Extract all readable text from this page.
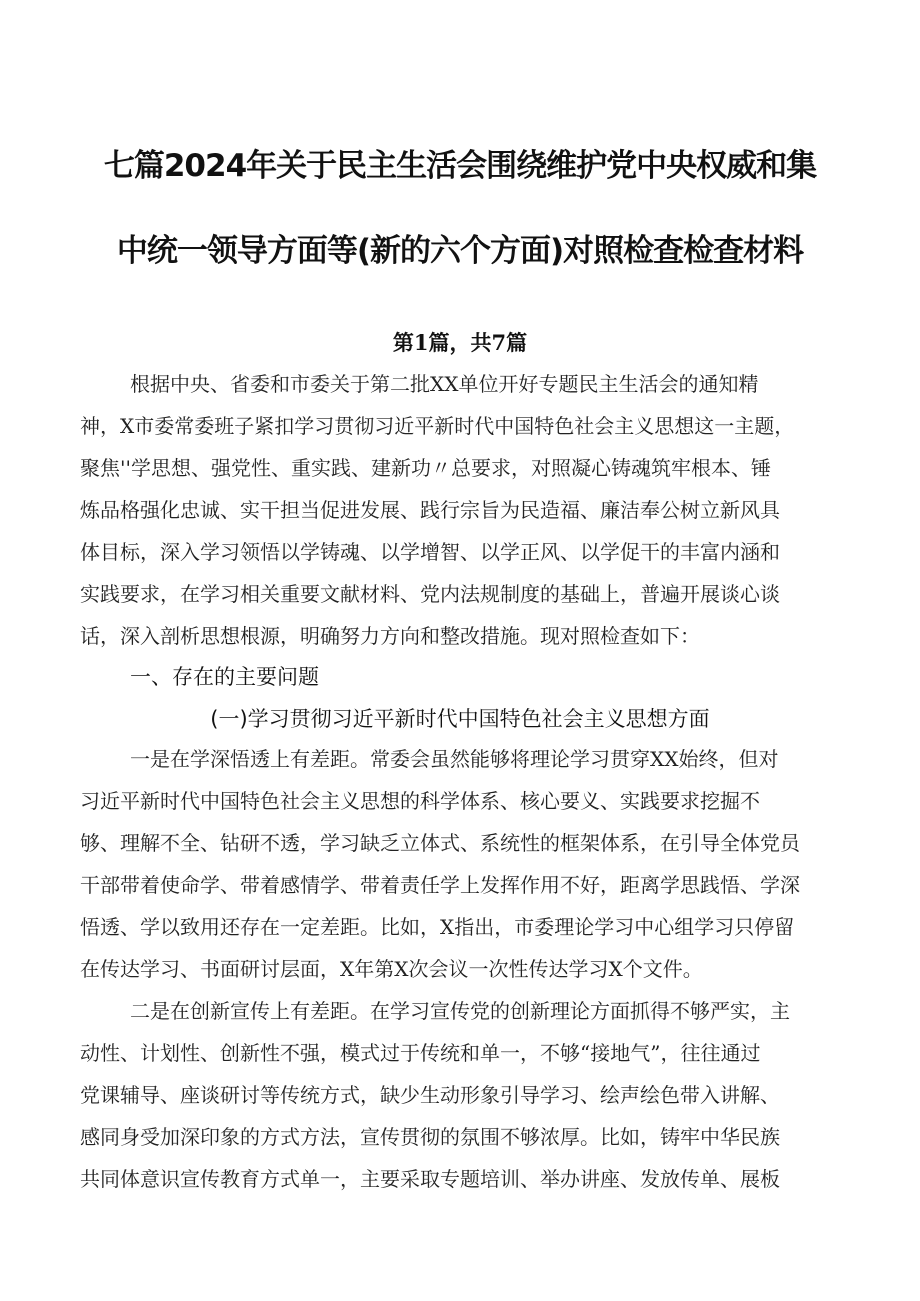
七篇2024年关于民主生活会围绕维护党中央权威和集
中统一领导方面等(新的六个方面)对照检查检查材料
第1篇，共7篇
根据中央、省委和市委关于第二批XX单位开好专题民主生活会的通知精
神，X市委常委班子紧扣学习贯彻习近平新时代中国特色社会主义思想这一主题，
聚焦''学思想、强党性、重实践、建新功〃总要求，对照凝心铸魂筑牢根本、锤
炼品格强化忠诚、实干担当促进发展、践行宗旨为民造福、廉洁奉公树立新风具
体目标，深入学习领悟以学铸魂、以学增智、以学正风、以学促干的丰富内涵和
实践要求，在学习相关重要文献材料、党内法规制度的基础上，普遍开展谈心谈
话，深入剖析思想根源，明确努力方向和整改措施。现对照检查如下：
一、存在的主要问题
(一)学习贯彻习近平新时代中国特色社会主义思想方面
一是在学深悟透上有差距。常委会虽然能够将理论学习贯穿XX始终，但对
习近平新时代中国特色社会主义思想的科学体系、核心要义、实践要求挖掘不
够、理解不全、钻研不透，学习缺乏立体式、系统性的框架体系，在引导全体党员
干部带着使命学、带着感情学、带着责任学上发挥作用不好，距离学思践悟、学深
悟透、学以致用还存在一定差距。比如，X指出，市委理论学习中心组学习只停留
在传达学习、书面研讨层面，X年第X次会议一次性传达学习X个文件。
二是在创新宣传上有差距。在学习宣传党的创新理论方面抓得不够严实，主
动性、计划性、创新性不强，模式过于传统和单一，不够“接地气”，往往通过
党课辅导、座谈研讨等传统方式，缺少生动形象引导学习、绘声绘色带入讲解、
感同身受加深印象的方式方法，宣传贯彻的氛围不够浓厚。比如，铸牢中华民族
共同体意识宣传教育方式单一，主要采取专题培训、举办讲座、发放传单、展板
